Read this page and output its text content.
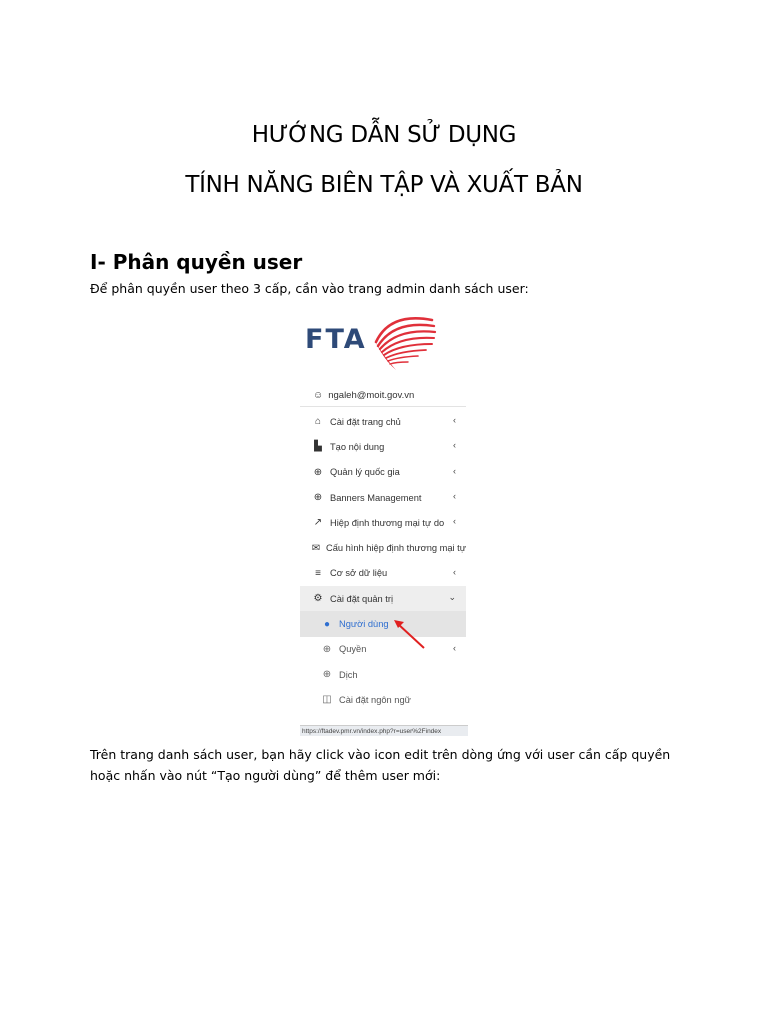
HƯỚNG DẪN SỬ DỤNG
TÍNH NĂNG BIÊN TẬP VÀ XUẤT BẢN
I- Phân quyền user
Để phân quyền user theo 3 cấp, cần vào trang admin danh sách user:
FTA
☺ ngaleh@moit.gov.vn
⌂ Cài đặt trang chủ	‹
▙ Tạo nội dung	‹
⊕ Quản lý quốc gia	‹
⊕ Banners Management	‹
↗ Hiệp định thương mại tự do ‹
✉ Cấu hình hiệp định thương mại tự
≡ Cơ sở dữ liệu	‹
⚙ Cài đặt quản trị	⌄
● Người dùng
⊕ Quyền	‹
⊕ Dịch
◫ Cài đặt ngôn ngữ
https://ftadev.pmr.vn/index.php?r=user%2Findex
Trên trang danh sách user, bạn hãy click vào icon edit trên dòng ứng với user cần cấp quyền hoặc nhấn vào nút “Tạo người dùng” để thêm user mới:
